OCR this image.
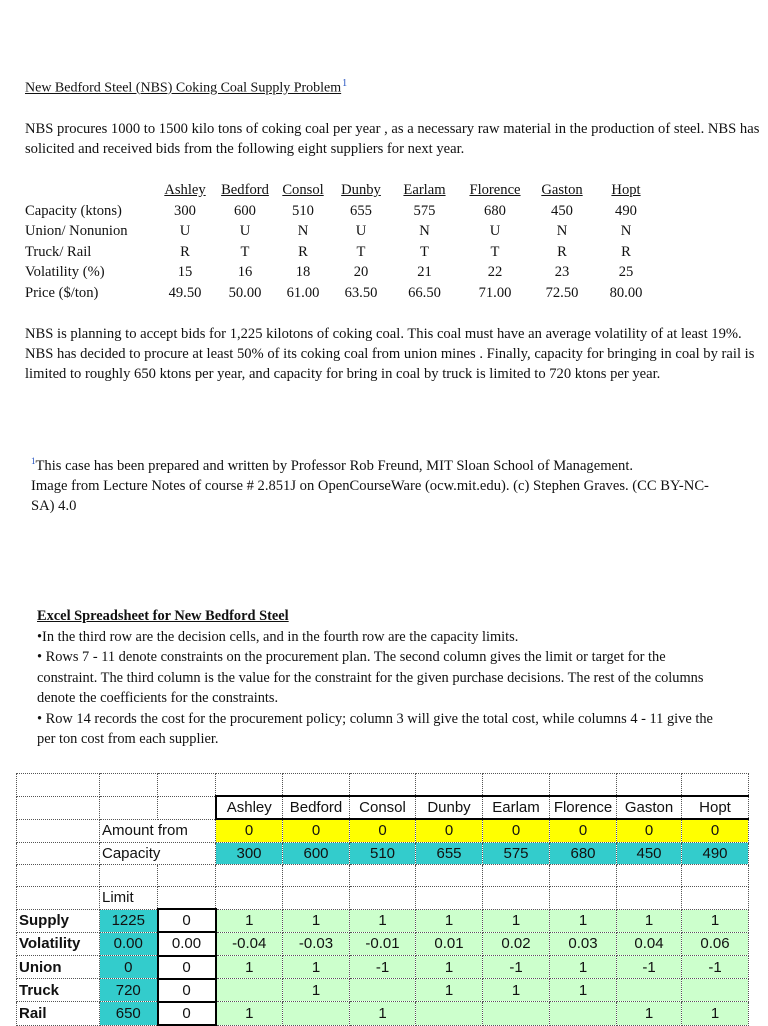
New Bedford Steel (NBS) Coking Coal Supply Problem$^1$
NBS procures 1000 to 1500 kilo tons of coking coal per year , as a necessary raw material in the production of steel. NBS has solicited and received bids from the following eight suppliers for next year.
	Ashley	Bedford	Consol	Dunby	Earlam	Florence	Gaston	Hopt
Capacity (ktons)	300	600	510	655	575	680	450	490
Union/ Nonunion	U	U	N	U	N	U	N	N
Truck/ Rail	R	T	R	T	T	T	R	R
Volatility (%)	15	16	18	20	21	22	23	25
Price ($/ton)	49.50	50.00	61.00	63.50	66.50	71.00	72.50	80.00
NBS is planning to accept bids for 1,225 kilotons of coking coal. This coal must have an average volatility of at least 19%. NBS has decided to procure at least 50% of its coking coal from union mines . Finally, capacity for bringing in coal by rail is limited to roughly 650 ktons per year, and capacity for bring in coal by truck is limited to 720 ktons per year.
$^1$This case has been prepared and written by Professor Rob Freund, MIT Sloan School of Management.
Image from Lecture Notes of course # 2.851J on OpenCourseWare (ocw.mit.edu). (c) Stephen Graves. (CC BY-NC-SA) 4.0
Excel Spreadsheet for New Bedford Steel
•In the third row are the decision cells, and in the fourth row are the capacity limits.
• Rows 7 - 11 denote constraints on the procurement plan. The second column gives the limit or target for the constraint. The third column is the value for the constraint for the given purchase decisions. The rest of the columns denote the coefficients for the constraints.
• Row 14 records the cost for the procurement policy; column 3 will give the total cost, while columns 4 - 11 give the per ton cost from each supplier.

			Ashley	Bedford	Consol	Dunby	Earlam	Florence	Gaston	Hopt
	Amount from		0	0	0	0	0	0	0	0
	Capacity		300	600	510	655	575	680	450	490

	Limit									
Supply	1225	0	1	1	1	1	1	1	1	1
Volatility	0.00	0.00	-0.04	-0.03	-0.01	0.01	0.02	0.03	0.04	0.06
Union	0	0	1	1	-1	1	-1	1	-1	-1
Truck	720	0		1		1	1	1		
Rail	650	0	1		1				1	1
